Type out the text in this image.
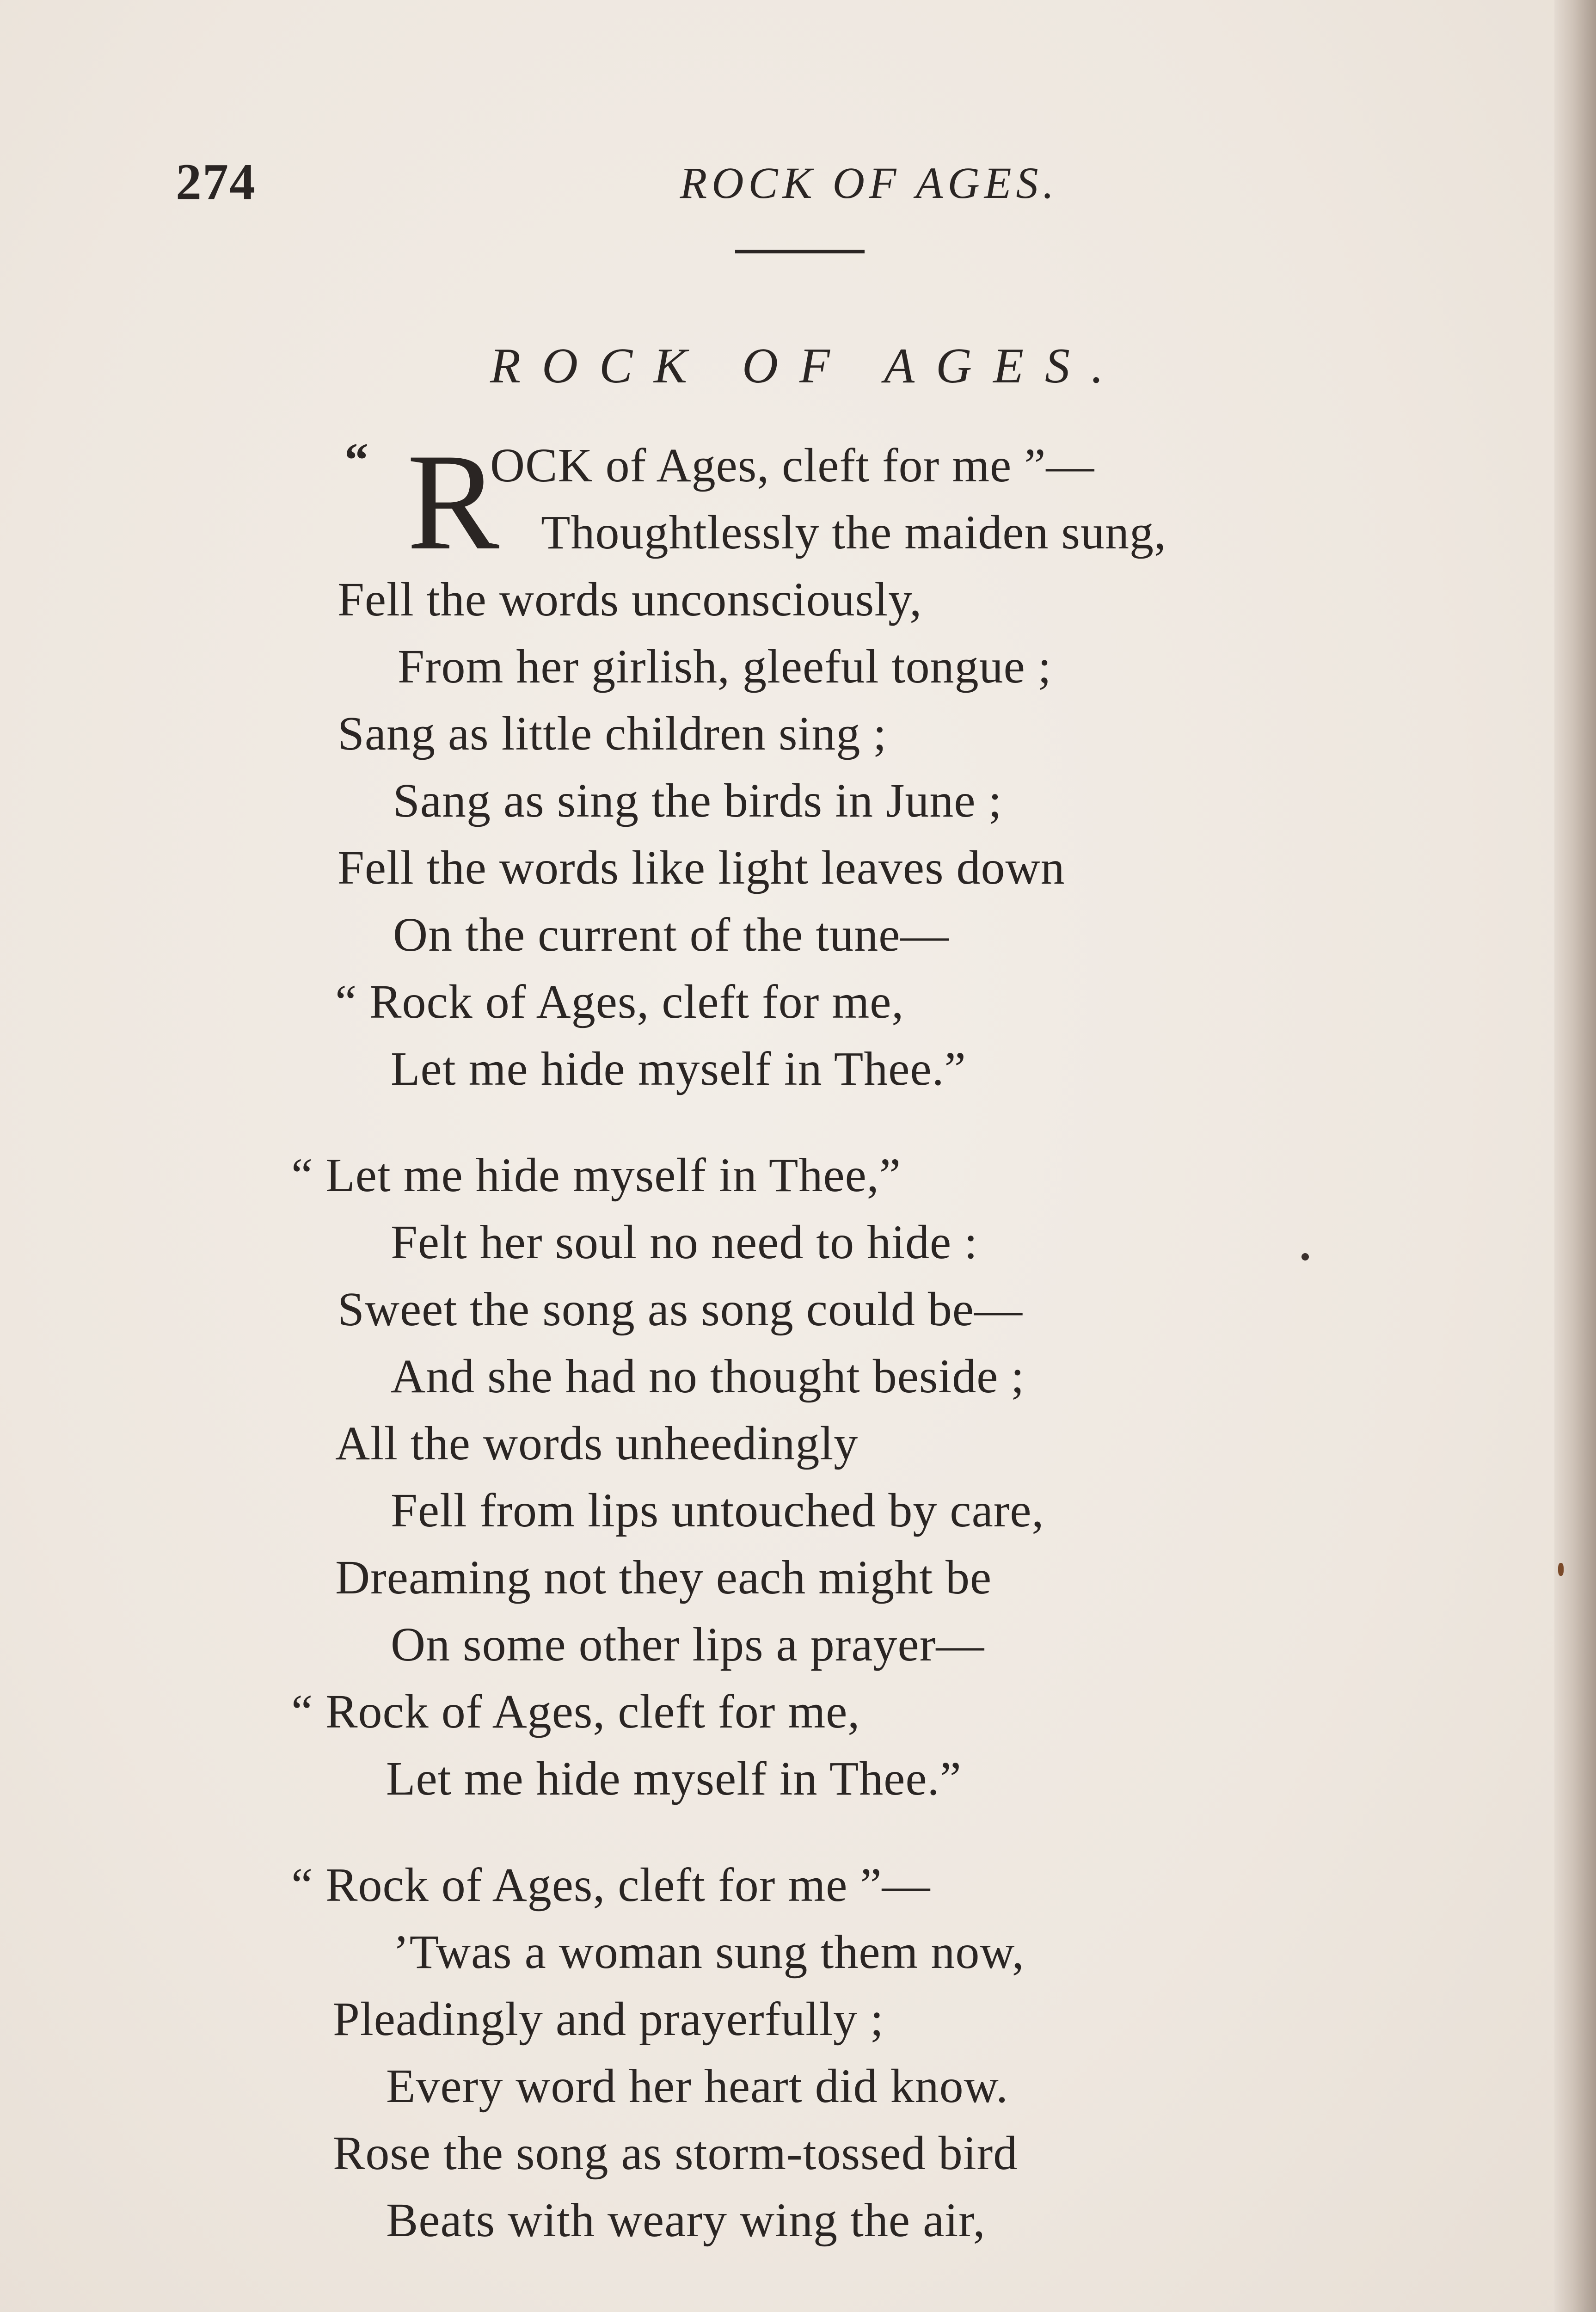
274	ROCK OF AGES.
ROCK OF AGES.
“ R
OCK of Ages, cleft for me ”—
Thoughtlessly the maiden sung,
Fell the words unconsciously,
From her girlish, gleeful tongue ;
Sang as little children sing ;
Sang as sing the birds in June ;
Fell the words like light leaves down
On the current of the tune—
“ Rock of Ages, cleft for me,
Let me hide myself in Thee.”
“ Let me hide myself in Thee,”
Felt her soul no need to hide :
Sweet the song as song could be—
And she had no thought beside ;
All the words unheedingly
Fell from lips untouched by care,
Dreaming not they each might be
On some other lips a prayer—
“ Rock of Ages, cleft for me,
Let me hide myself in Thee.”
“ Rock of Ages, cleft for me ”—
’Twas a woman sung them now,
Pleadingly and prayerfully ;
Every word her heart did know.
Rose the song as storm-tossed bird
Beats with weary wing the air,
